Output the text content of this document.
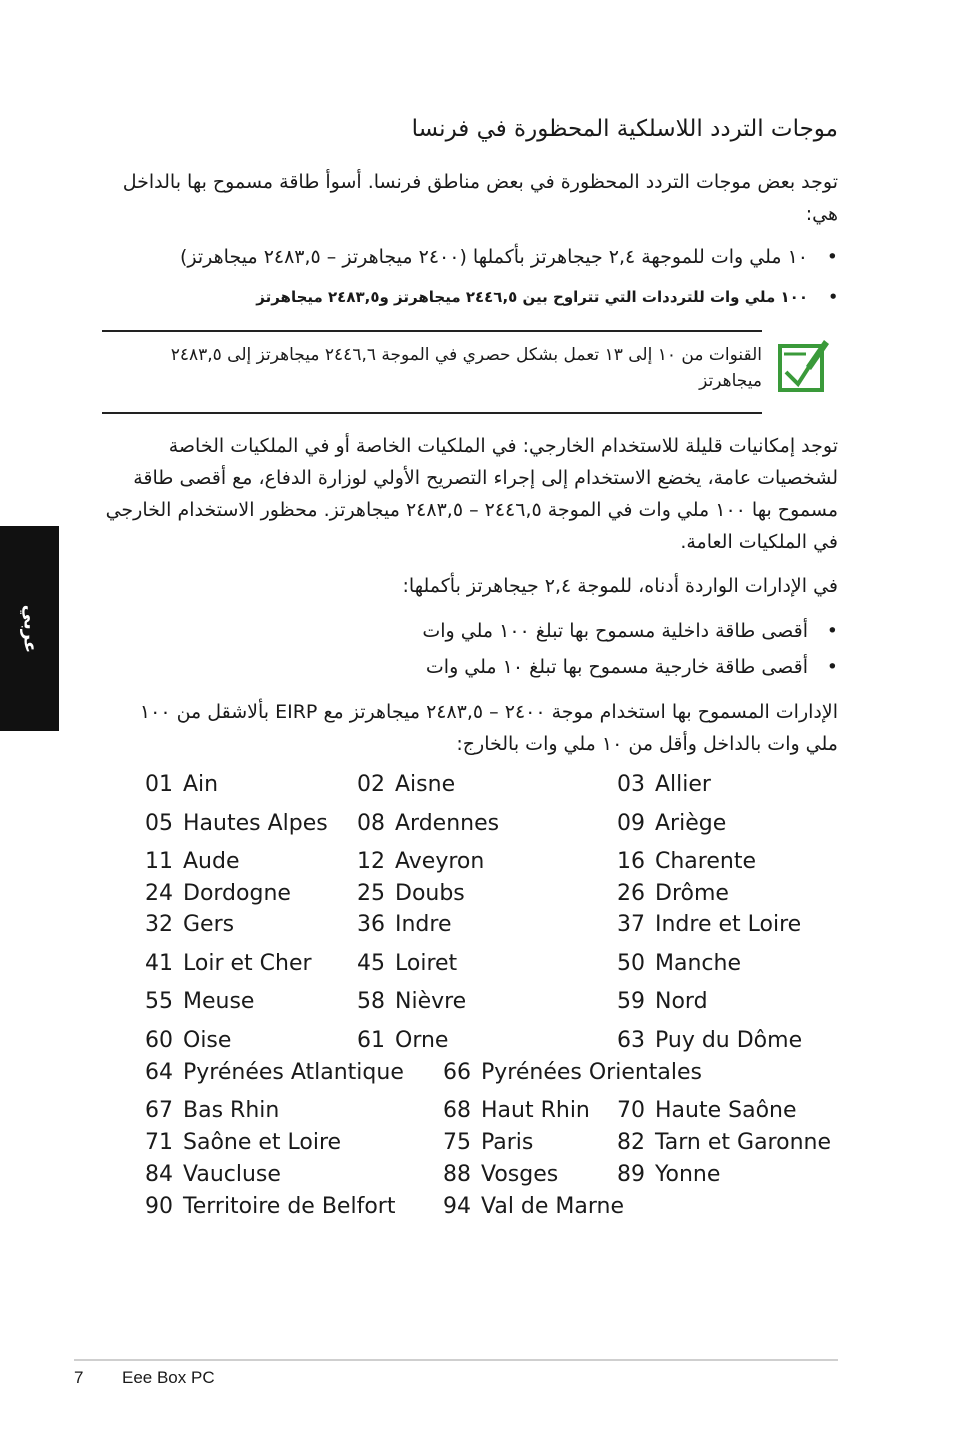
موجات التردد اللاسلكية المحظورة في فرنسا
توجد بعض موجات التردد المحظورة في بعض مناطق فرنسا. أسوأ طاقة مسموح بها بالداخل هي:
١٠ ملي وات للموجهة ٢,٤ جيجاهرتز بأكملها (٢٤٠٠ ميجاهرتز – ٢٤٨٣,٥ ميجاهرتز) •
١٠٠ ملي وات للترددات التي تتراوح بين ٢٤٤٦,٥ ميجاهرتز و٢٤٨٣,٥ ميجاهرتز •
القنوات من ١٠ إلى ١٣ تعمل بشكل حصري في الموجة ٢٤٤٦,٦ ميجاهرتز إلى ٢٤٨٣,٥ ميجاهرتز
توجد إمكانيات قليلة للاستخدام الخارجي: في الملكيات الخاصة أو في الملكيات الخاصة لشخصيات عامة، يخضع الاستخدام إلى إجراء التصريح الأولي لوزارة الدفاع، مع أقصى طاقة مسموح بها ١٠٠ ملي وات في الموجة ٢٤٤٦,٥ – ٢٤٨٣,٥ ميجاهرتز. محظور الاستخدام الخارجي في الملكيات العامة.
في الإدارات الواردة أدناه، للموجة ٢,٤ جيجاهرتز بأكملها:
أقصى طاقة داخلية مسموح بها تبلغ ١٠٠ ملي وات •
أقصى طاقة خارجية مسموح بها تبلغ ١٠ ملي وات •
الإدارات المسموح بها استخدام موجة ٢٤٠٠ – ٢٤٨٣,٥ ميجاهرتز مع EIRP بألاشقل من ١٠٠ ملي وات بالداخل وأقل من ١٠ ملي وات بالخارج:
عربي
01 Ain	02 Aisne	03 Allier
05 Hautes Alpes 08 Ardennes	09 Ariège
11 Aude	12 Aveyron	16 Charente
24 Dordogne	25 Doubs	26 Drôme
32 Gers	36 Indre	37 Indre et Loire
41 Loir et Cher 45 Loiret	50 Manche
55 Meuse	58 Nièvre	59 Nord
60 Oise	61 Orne	63 Puy du Dôme
64 Pyrénées Atlantique 66 Pyrénées Orientales
67 Bas Rhin	68 Haut Rhin 70 Haute Saône
71 Saône et Loire	75 Paris	82 Tarn et Garonne
84 Vaucluse	88 Vosges	89 Yonne
90 Territoire de Belfort 94 Val de Marne
7 Eee Box PC
